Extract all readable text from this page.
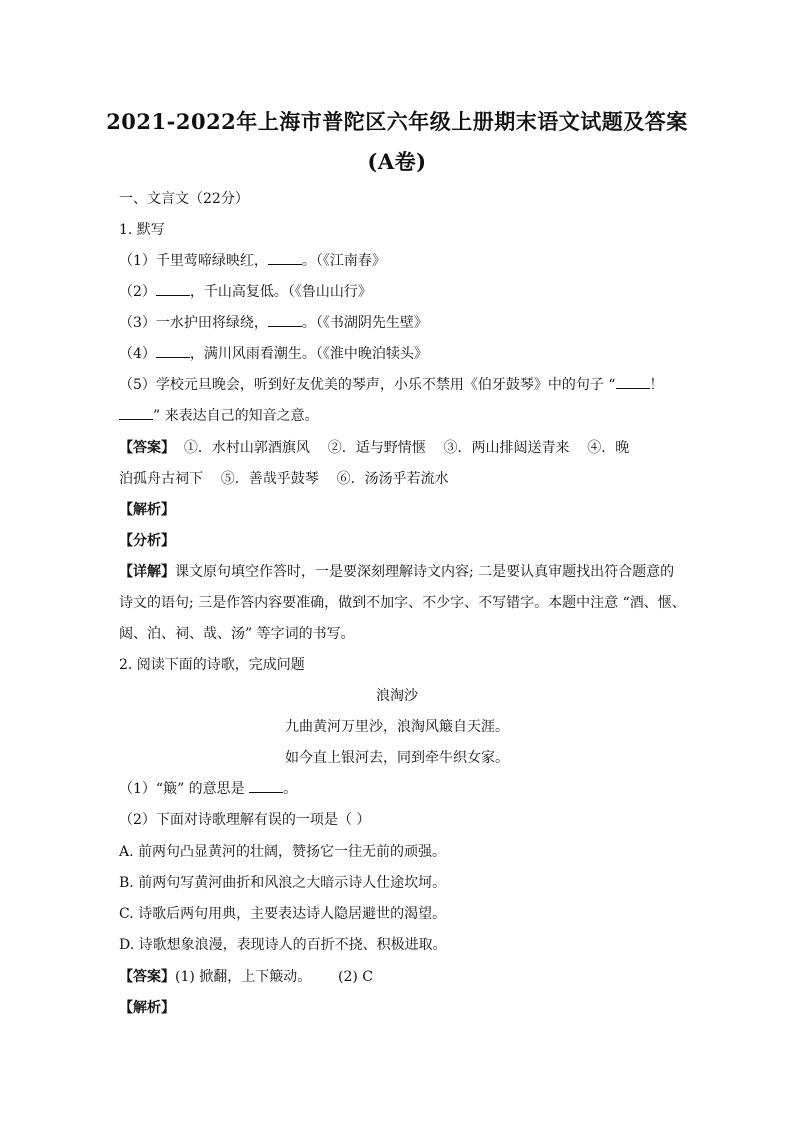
2021-2022年上海市普陀区六年级上册期末语文试题及答案
(A卷)
一、文言文（22分）
1. 默写
（1）千里莺啼绿映红， 。（《江南春》
（2） ，千山高复低。（《鲁山山行》
（3）一水护田将绿绕， 。（《书湖阴先生壁》
（4） ，满川风雨看潮生。（《淮中晚泊犊头》
（5）学校元旦晚会，听到好友优美的琴声，小乐不禁用《伯牙鼓琴》中的句子 “ ！
” 来表达自己的知音之意。
【答案】  ①．水村山郭酒旗风    ②．适与野情惬    ③．两山排闼送青来    ④．晚
泊孤舟古祠下    ⑤．善哉乎鼓琴    ⑥．汤汤乎若流水
【解析】
【分析】
【详解】课文原句填空作答时，一是要深刻理解诗文内容; 二是要认真审题找出符合题意的
诗文的语句; 三是作答内容要准确，做到不加字、不少字、不写错字。本题中注意 “酒、惬、
闼、泊、祠、哉、汤” 等字词的书写。
2. 阅读下面的诗歌，完成问题
浪淘沙
九曲黄河万里沙，浪淘风簸自天涯。
如今直上银河去，同到牵牛织女家。
（1）“簸” 的意思是 。
（2）下面对诗歌理解有误的一项是（ ）
A. 前两句凸显黄河的壮阔，赞扬它一往无前的顽强。
B. 前两句写黄河曲折和风浪之大暗示诗人仕途坎坷。
C. 诗歌后两句用典，主要表达诗人隐居避世的渴望。
D. 诗歌想象浪漫，表现诗人的百折不挠、积极进取。
【答案】(1) 掀翻，上下簸动。      (2) C
【解析】
